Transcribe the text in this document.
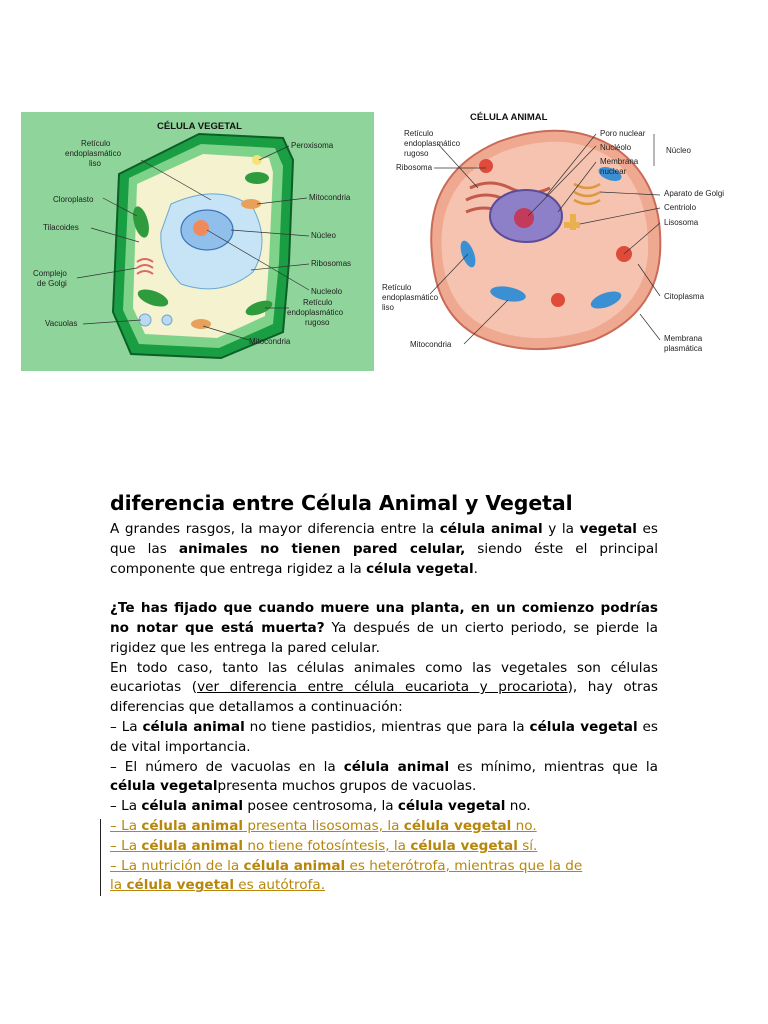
CÉLULA VEGETAL
Retículo
endoplasmático
liso
Peroxisoma
Cloroplasto	Mitocondria
Tilacoides
Núcleo
Ribosomas
Complejo
de Golgi
Nucleolo
Retículo
endoplasmático
rugoso
Vacuolas
Mitocondria
CÉLULA ANIMAL
Retículo
endoplasmático
rugoso
Ribosoma
Poro nuclear
Nucléolo
Membrana
nuclear
Núcleo
Aparato de Golgi
Centriolo
Lisosoma
Retículo
endoplasmático
liso
Citoplasma
Mitocondria
Membrana
plasmática
diferencia entre Célula Animal y Vegetal

A grandes rasgos, la mayor diferencia entre la célula animal y la vegetal es que las animales no tienen pared celular, siendo éste el principal componente que entrega rigidez a la célula vegetal.

¿Te has fijado que cuando muere una planta, en un comienzo podrías no notar que está muerta? Ya después de un cierto periodo, se pierde la rigidez que les entrega la pared celular.

En todo caso, tanto las células animales como las vegetales son células eucariotas (ver diferencia entre célula eucariota y procariota), hay otras diferencias que detallamos a continuación:

– La célula animal no tiene pastidios, mientras que para la célula vegetal es de vital importancia.

– El número de vacuolas en la célula animal es mínimo, mientras que la célula vegetalpresenta muchos grupos de vacuolas.

– La célula animal posee centrosoma, la célula vegetal no.

– La célula animal presenta lisosomas, la célula vegetal no.

– La célula animal no tiene fotosíntesis, la célula vegetal sí.

– La nutrición de la célula animal es heterótrofa, mientras que la de
la célula vegetal es autótrofa.
